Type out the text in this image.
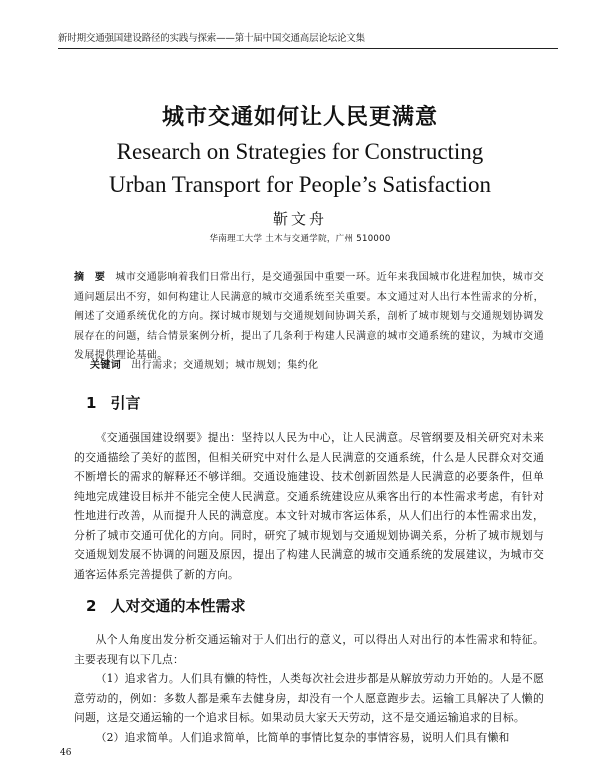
新时期交通强国建设路径的实践与探索——第十届中国交通高层论坛论文集
城市交通如何让人民更满意
Research on Strategies for Constructing
Urban Transport for People’s Satisfaction
靳文舟
华南理工大学 土木与交通学院，广州 510000
摘　要 城市交通影响着我们日常出行，是交通强国中重要一环。近年来我国城市化进程加快，城市交通问题层出不穷，如何构建让人民满意的城市交通系统至关重要。本文通过对人出行本性需求的分析，阐述了交通系统优化的方向。探讨城市规划与交通规划间协调关系，剖析了城市规划与交通规划协调发展存在的问题，结合情景案例分析，提出了几条利于构建人民满意的城市交通系统的建议，为城市交通发展提供理论基础。
关键词 出行需求；交通规划；城市规划；集约化
1 引言
《交通强国建设纲要》提出：坚持以人民为中心，让人民满意。尽管纲要及相关研究对未来的交通描绘了美好的蓝图，但相关研究中对什么是人民满意的交通系统，什么是人民群众对交通不断增长的需求的解释还不够详细。交通设施建设、技术创新固然是人民满意的必要条件，但单纯地完成建设目标并不能完全使人民满意。交通系统建设应从乘客出行的本性需求考虑，有针对性地进行改善，从而提升人民的满意度。本文针对城市客运体系，从人们出行的本性需求出发，分析了城市交通可优化的方向。同时，研究了城市规划与交通规划协调关系，分析了城市规划与交通规划发展不协调的问题及原因，提出了构建人民满意的城市交通系统的发展建议，为城市交通客运体系完善提供了新的方向。
2 人对交通的本性需求
从个人角度出发分析交通运输对于人们出行的意义，可以得出人对出行的本性需求和特征。主要表现有以下几点：
（1）追求省力。人们具有懒的特性，人类每次社会进步都是从解放劳动力开始的。人是不愿意劳动的，例如：多数人都是乘车去健身房，却没有一个人愿意跑步去。运输工具解决了人懒的问题，这是交通运输的一个追求目标。如果动员大家天天劳动，这不是交通运输追求的目标。
（2）追求简单。人们追求简单，比简单的事情比复杂的事情容易，说明人们具有懒和
46
